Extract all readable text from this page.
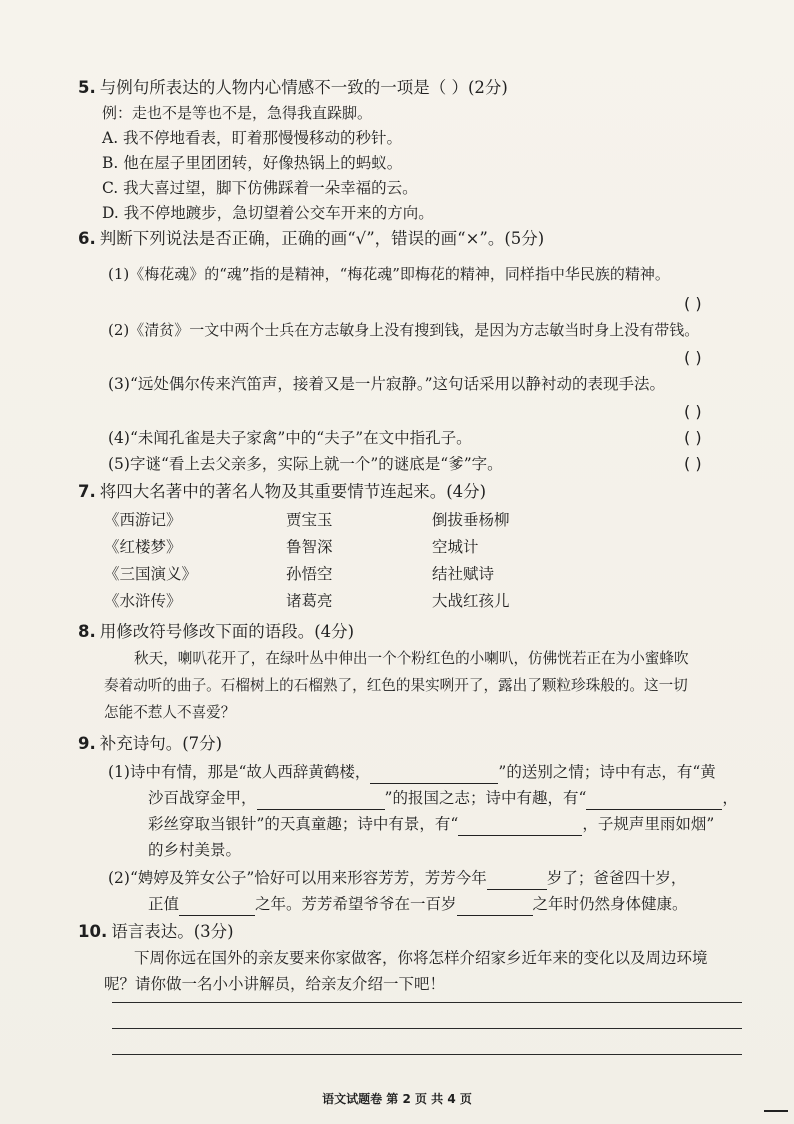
5. 与例句所表达的人物内心情感不一致的一项是（ ）(2分)
例：走也不是等也不是，急得我直跺脚。
A. 我不停地看表，盯着那慢慢移动的秒针。
B. 他在屋子里团团转，好像热锅上的蚂蚁。
C. 我大喜过望，脚下仿佛踩着一朵幸福的云。
D. 我不停地踱步，急切望着公交车开来的方向。
6. 判断下列说法是否正确，正确的画“√”，错误的画“×”。(5分)
(1)《梅花魂》的“魂”指的是精神，“梅花魂”即梅花的精神，同样指中华民族的精神。
( )
(2)《清贫》一文中两个士兵在方志敏身上没有搜到钱，是因为方志敏当时身上没有带钱。
( )
(3)“远处偶尔传来汽笛声，接着又是一片寂静。”这句话采用以静衬动的表现手法。
( )
(4)“未闻孔雀是夫子家禽”中的“夫子”在文中指孔子。	( )
(5)字谜“看上去父亲多，实际上就一个”的谜底是“爹”字。	( )
7. 将四大名著中的著名人物及其重要情节连起来。(4分)
《西游记》	贾宝玉	倒拔垂杨柳
《红楼梦》	鲁智深	空城计
《三国演义》	孙悟空	结社赋诗
《水浒传》	诸葛亮	大战红孩儿
8. 用修改符号修改下面的语段。(4分)
秋天，喇叭花开了，在绿叶丛中伸出一个个粉红色的小喇叭，仿佛恍若正在为小蜜蜂吹
奏着动听的曲子。石榴树上的石榴熟了，红色的果实咧开了，露出了颗粒珍珠般的。这一切
怎能不惹人不喜爱？
9. 补充诗句。(7分)
(1)诗中有情，那是“故人西辞黄鹤楼，	”的送别之情；诗中有志，有“黄
沙百战穿金甲，	”的报国之志；诗中有趣，有“	，
彩丝穿取当银针”的天真童趣；诗中有景，有“	，子规声里雨如烟”
的乡村美景。
(2)“娉婷及笄女公子”恰好可以用来形容芳芳，芳芳今年	岁了；爸爸四十岁，
正值	之年。芳芳希望爷爷在一百岁	之年时仍然身体健康。
10. 语言表达。(3分)
下周你远在国外的亲友要来你家做客，你将怎样介绍家乡近年来的变化以及周边环境
呢？请你做一名小小讲解员，给亲友介绍一下吧！
语文试题卷 第 2 页 共 4 页
